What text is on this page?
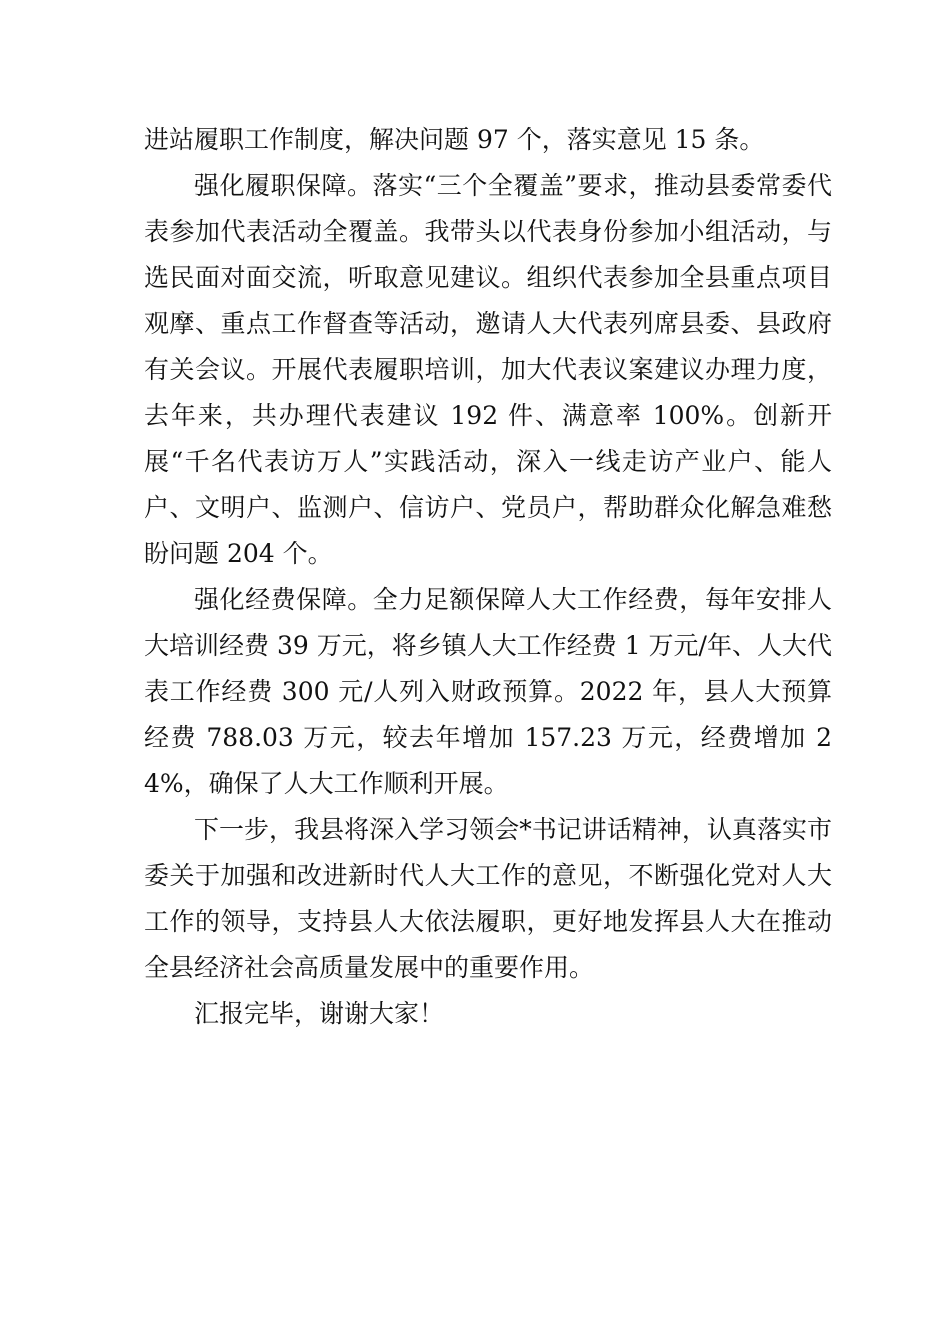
进站履职工作制度，解决问题 97 个，落实意见 15 条。

强化履职保障。落实“三个全覆盖”要求，推动县委常委代表参加代表活动全覆盖。我带头以代表身份参加小组活动，与选民面对面交流，听取意见建议。组织代表参加全县重点项目观摩、重点工作督查等活动，邀请人大代表列席县委、县政府有关会议。开展代表履职培训，加大代表议案建议办理力度，去年来，共办理代表建议 192 件、满意率 100%。创新开展“千名代表访万人”实践活动，深入一线走访产业户、能人户、文明户、监测户、信访户、党员户，帮助群众化解急难愁盼问题 204 个。

强化经费保障。全力足额保障人大工作经费，每年安排人大培训经费 39 万元，将乡镇人大工作经费 1 万元/年、人大代表工作经费 300 元/人列入财政预算。2022 年，县人大预算经费 788.03 万元，较去年增加 157.23 万元，经费增加 24%，确保了人大工作顺利开展。

下一步，我县将深入学习领会*书记讲话精神，认真落实市委关于加强和改进新时代人大工作的意见，不断强化党对人大工作的领导，支持县人大依法履职，更好地发挥县人大在推动全县经济社会高质量发展中的重要作用。

汇报完毕，谢谢大家！
